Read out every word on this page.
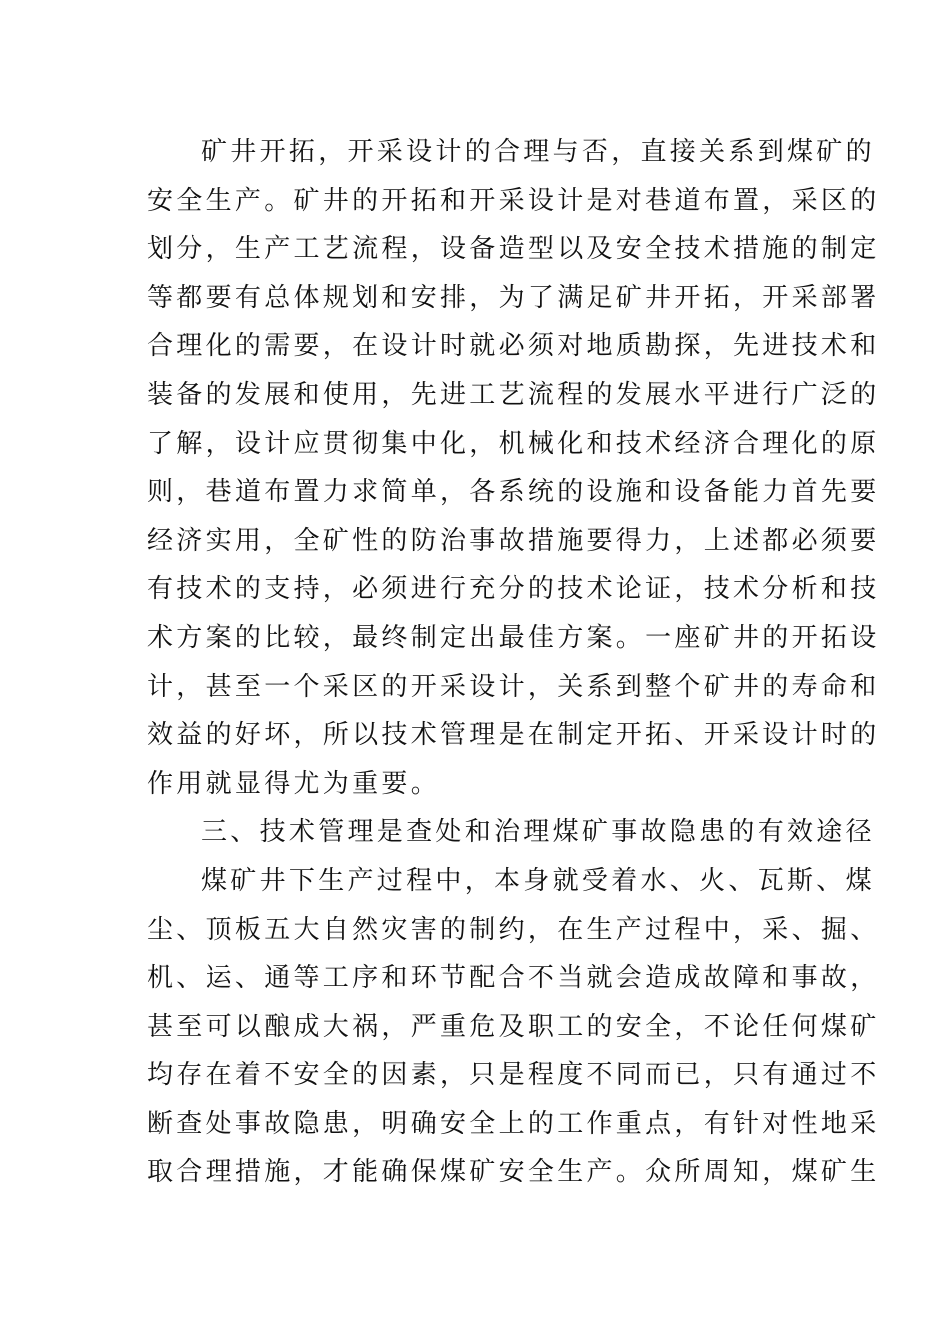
矿井开拓，开采设计的合理与否，直接关系到煤矿的
安全生产。矿井的开拓和开采设计是对巷道布置，采区的
划分，生产工艺流程，设备造型以及安全技术措施的制定
等都要有总体规划和安排，为了满足矿井开拓，开采部署
合理化的需要，在设计时就必须对地质勘探，先进技术和
装备的发展和使用，先进工艺流程的发展水平进行广泛的
了解，设计应贯彻集中化，机械化和技术经济合理化的原
则，巷道布置力求简单，各系统的设施和设备能力首先要
经济实用，全矿性的防治事故措施要得力，上述都必须要
有技术的支持，必须进行充分的技术论证，技术分析和技
术方案的比较，最终制定出最佳方案。一座矿井的开拓设
计，甚至一个采区的开采设计，关系到整个矿井的寿命和
效益的好坏，所以技术管理是在制定开拓、开采设计时的
作用就显得尤为重要。
三、技术管理是查处和治理煤矿事故隐患的有效途径
煤矿井下生产过程中，本身就受着水、火、瓦斯、煤
尘、顶板五大自然灾害的制约，在生产过程中，采、掘、
机、运、通等工序和环节配合不当就会造成故障和事故，
甚至可以酿成大祸，严重危及职工的安全，不论任何煤矿
均存在着不安全的因素，只是程度不同而已，只有通过不
断查处事故隐患，明确安全上的工作重点，有针对性地采
取合理措施，才能确保煤矿安全生产。众所周知，煤矿生
